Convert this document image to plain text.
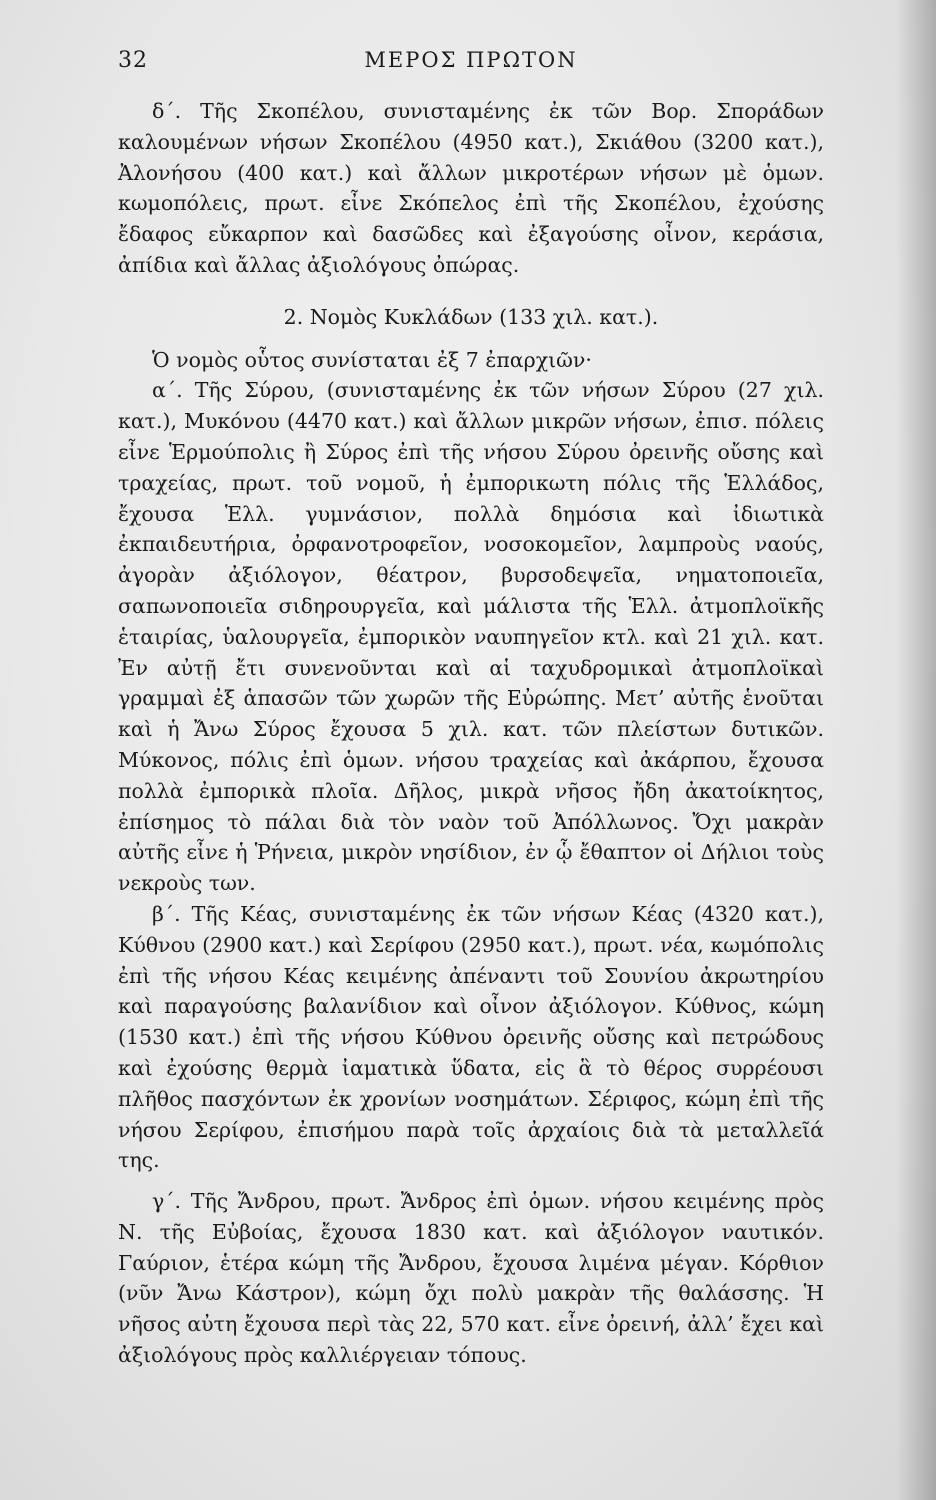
32	ΜΕΡΟΣ ΠΡΩΤΟΝ

δ΄. Τῆς Σκοπέλου, συνισταμένης ἐκ τῶν Βορ. Σποράδων καλουμένων νήσων Σκοπέλου (4950 κατ.), Σκιάθου (3200 κατ.), Ἀλονήσου (400 κατ.) καὶ ἄλλων μικροτέρων νήσων μὲ ὁμων. κωμοπόλεις, πρωτ. εἶνε Σκόπελος ἐπὶ τῆς Σκοπέλου, ἐχούσης ἔδαφος εὔκαρπον καὶ δασῶδες καὶ ἐξαγούσης οἶνον, κεράσια, ἀπίδια καὶ ἄλλας ἀξιολόγους ὀπώρας.

2. Νομὸς Κυκλάδων (133 χιλ. κατ.).

Ὁ νομὸς οὗτος συνίσταται ἐξ 7 ἐπαρχιῶν·

α΄. Τῆς Σύρου, (συνισταμένης ἐκ τῶν νήσων Σύρου (27 χιλ. κατ.), Μυκόνου (4470 κατ.) καὶ ἄλλων μικρῶν νήσων, ἐπισ. πόλεις εἶνε Ἑρμούπολις ἢ Σύρος ἐπὶ τῆς νήσου Σύρου ὀρεινῆς οὔσης καὶ τραχείας, πρωτ. τοῦ νομοῦ, ἡ ἐμπορικωτη πόλις τῆς Ἑλλάδος, ἔχουσα Ἑλλ. γυμνάσιον, πολλὰ δημόσια καὶ ἰδιωτικὰ ἐκπαιδευτήρια, ὀρφανοτροφεῖον, νοσοκομεῖον, λαμπροὺς ναούς, ἀγορὰν ἀξιόλογον, θέατρον, βυρσοδεψεῖα, νηματοποιεῖα, σαπωνοποιεῖα σιδηρουργεῖα, καὶ μάλιστα τῆς Ἑλλ. ἀτμοπλοϊκῆς ἑταιρίας, ὑαλουργεῖα, ἐμπορικὸν ναυπηγεῖον κτλ. καὶ 21 χιλ. κατ. Ἐν αὐτῇ ἔτι συνενοῦνται καὶ αἱ ταχυδρομικαὶ ἀτμοπλοϊκαὶ γραμμαὶ ἐξ ἁπασῶν τῶν χωρῶν τῆς Εὐρώπης. Μετ’ αὐτῆς ἑνοῦται καὶ ἡ Ἄνω Σύρος ἔχουσα 5 χιλ. κατ. τῶν πλείστων δυτικῶν. Μύκονος, πόλις ἐπὶ ὁμων. νήσου τραχείας καὶ ἀκάρπου, ἔχουσα πολλὰ ἐμπορικὰ πλοῖα. Δῆλος, μικρὰ νῆσος ἤδη ἀκατοίκητος, ἐπίσημος τὸ πάλαι διὰ τὸν ναὸν τοῦ Ἀπόλλωνος. Ὄχι μακρὰν αὐτῆς εἶνε ἡ Ῥήνεια, μικρὸν νησίδιον, ἐν ᾧ ἔθαπτον οἱ Δήλιοι τοὺς νεκροὺς των.

β΄. Τῆς Κέας, συνισταμένης ἐκ τῶν νήσων Κέας (4320 κατ.), Κύθνου (2900 κατ.) καὶ Σερίφου (2950 κατ.), πρωτ. νέα, κωμόπολις ἐπὶ τῆς νήσου Κέας κειμένης ἀπέναντι τοῦ Σουνίου ἀκρωτηρίου καὶ παραγούσης βαλανίδιον καὶ οἶνον ἀξιόλογον. Κύθνος, κώμη (1530 κατ.) ἐπὶ τῆς νήσου Κύθνου ὀρεινῆς οὔσης καὶ πετρώδους καὶ ἐχούσης θερμὰ ἰαματικὰ ὕδατα, εἰς ἃ τὸ θέρος συρρέουσι πλῆθος πασχόντων ἐκ χρονίων νοσημάτων. Σέριφος, κώμη ἐπὶ τῆς νήσου Σερίφου, ἐπισήμου παρὰ τοῖς ἀρχαίοις διὰ τὰ μεταλλεῖά της.

γ΄. Τῆς Ἄνδρου, πρωτ. Ἄνδρος ἐπὶ ὁμων. νήσου κειμένης πρὸς Ν. τῆς Εὐβοίας, ἔχουσα 1830 κατ. καὶ ἀξιόλογον ναυτικόν. Γαύριον, ἑτέρα κώμη τῆς Ἄνδρου, ἔχουσα λιμένα μέγαν. Κόρθιον (νῦν Ἄνω Κάστρον), κώμη ὄχι πολὺ μακρὰν τῆς θαλάσσης. Ἡ νῆσος αὐτη ἔχουσα περὶ τὰς 22, 570 κατ. εἶνε ὀρεινή, ἀλλ’ ἔχει καὶ ἀξιολόγους πρὸς καλλιέργειαν τόπους.
